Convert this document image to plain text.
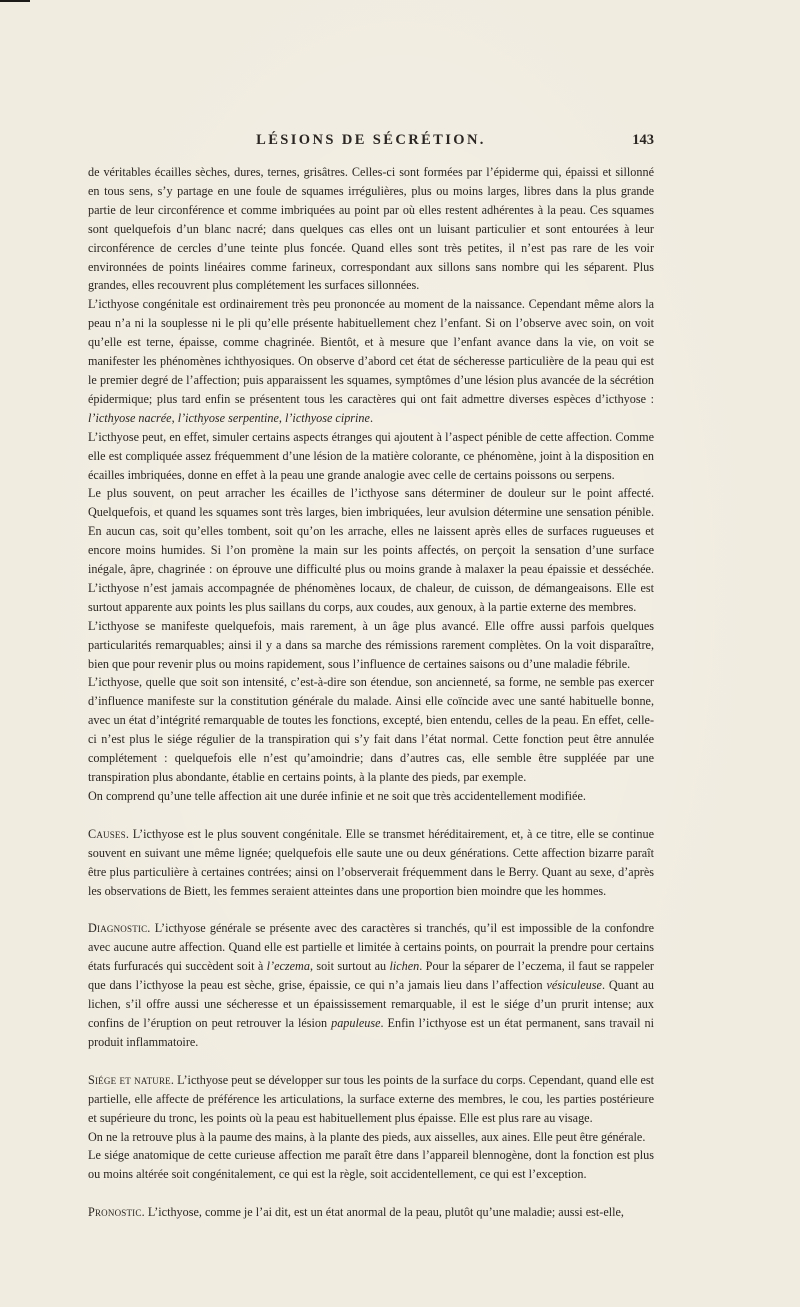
LÉSIONS DE SÉCRÉTION.	143

de véritables écailles sèches, dures, ternes, grisâtres. Celles-ci sont formées par l’épiderme qui, épaissi et sillonné en tous sens, s’y partage en une foule de squames irrégulières, plus ou moins larges, libres dans la plus grande partie de leur circonférence et comme imbriquées au point par où elles restent adhérentes à la peau. Ces squames sont quelquefois d’un blanc nacré; dans quelques cas elles ont un luisant particulier et sont entourées à leur circonférence de cercles d’une teinte plus foncée. Quand elles sont très petites, il n’est pas rare de les voir environnées de points linéaires comme farineux, correspondant aux sillons sans nombre qui les séparent. Plus grandes, elles recouvrent plus complétement les surfaces sillonnées.

L’icthyose congénitale est ordinairement très peu prononcée au moment de la naissance. Cependant même alors la peau n’a ni la souplesse ni le pli qu’elle présente habituellement chez l’enfant. Si on l’observe avec soin, on voit qu’elle est terne, épaisse, comme chagrinée. Bientôt, et à mesure que l’enfant avance dans la vie, on voit se manifester les phénomènes ichthyosiques. On observe d’abord cet état de sécheresse particulière de la peau qui est le premier degré de l’affection; puis apparaissent les squames, symptômes d’une lésion plus avancée de la sécrétion épidermique; plus tard enfin se présentent tous les caractères qui ont fait admettre diverses espèces d’icthyose : l’icthyose nacrée, l’icthyose serpentine, l’icthyose ciprine.

L’icthyose peut, en effet, simuler certains aspects étranges qui ajoutent à l’aspect pénible de cette affection. Comme elle est compliquée assez fréquemment d’une lésion de la matière colorante, ce phénomène, joint à la disposition en écailles imbriquées, donne en effet à la peau une grande analogie avec celle de certains poissons ou serpens.

Le plus souvent, on peut arracher les écailles de l’icthyose sans déterminer de douleur sur le point affecté. Quelquefois, et quand les squames sont très larges, bien imbriquées, leur avulsion détermine une sensation pénible. En aucun cas, soit qu’elles tombent, soit qu’on les arrache, elles ne laissent après elles de surfaces rugueuses et encore moins humides. Si l’on promène la main sur les points affectés, on perçoit la sensation d’une surface inégale, âpre, chagrinée : on éprouve une difficulté plus ou moins grande à malaxer la peau épaissie et desséchée. L’icthyose n’est jamais accompagnée de phénomènes locaux, de chaleur, de cuisson, de démangeaisons. Elle est surtout apparente aux points les plus saillans du corps, aux coudes, aux genoux, à la partie externe des membres.

L’icthyose se manifeste quelquefois, mais rarement, à un âge plus avancé. Elle offre aussi parfois quelques particularités remarquables; ainsi il y a dans sa marche des rémissions rarement complètes. On la voit disparaître, bien que pour revenir plus ou moins rapidement, sous l’influence de certaines saisons ou d’une maladie fébrile.

L’icthyose, quelle que soit son intensité, c’est-à-dire son étendue, son ancienneté, sa forme, ne semble pas exercer d’influence manifeste sur la constitution générale du malade. Ainsi elle coïncide avec une santé habituelle bonne, avec un état d’intégrité remarquable de toutes les fonctions, excepté, bien entendu, celles de la peau. En effet, celle-ci n’est plus le siége régulier de la transpiration qui s’y fait dans l’état normal. Cette fonction peut être annulée complétement : quelquefois elle n’est qu’amoindrie; dans d’autres cas, elle semble être suppléée par une transpiration plus abondante, établie en certains points, à la plante des pieds, par exemple.

On comprend qu’une telle affection ait une durée infinie et ne soit que très accidentellement modifiée.

Causes. L’icthyose est le plus souvent congénitale. Elle se transmet héréditairement, et, à ce titre, elle se continue souvent en suivant une même lignée; quelquefois elle saute une ou deux générations. Cette affection bizarre paraît être plus particulière à certaines contrées; ainsi on l’observerait fréquemment dans le Berry. Quant au sexe, d’après les observations de Biett, les femmes seraient atteintes dans une proportion bien moindre que les hommes.

Diagnostic. L’icthyose générale se présente avec des caractères si tranchés, qu’il est impossible de la confondre avec aucune autre affection. Quand elle est partielle et limitée à certains points, on pourrait la prendre pour certains états furfuracés qui succèdent soit à l’eczema, soit surtout au lichen. Pour la séparer de l’eczema, il faut se rappeler que dans l’icthyose la peau est sèche, grise, épaissie, ce qui n’a jamais lieu dans l’affection vésiculeuse. Quant au lichen, s’il offre aussi une sécheresse et un épaississement remarquable, il est le siége d’un prurit intense; aux confins de l’éruption on peut retrouver la lésion papuleuse. Enfin l’icthyose est un état permanent, sans travail ni produit inflammatoire.

Siége et nature. L’icthyose peut se développer sur tous les points de la surface du corps. Cependant, quand elle est partielle, elle affecte de préférence les articulations, la surface externe des membres, le cou, les parties postérieure et supérieure du tronc, les points où la peau est habituellement plus épaisse. Elle est plus rare au visage.

On ne la retrouve plus à la paume des mains, à la plante des pieds, aux aisselles, aux aines. Elle peut être générale.

Le siége anatomique de cette curieuse affection me paraît être dans l’appareil blennogène, dont la fonction est plus ou moins altérée soit congénitalement, ce qui est la règle, soit accidentellement, ce qui est l’exception.

Pronostic. L’icthyose, comme je l’ai dit, est un état anormal de la peau, plutôt qu’une maladie; aussi est-elle,
